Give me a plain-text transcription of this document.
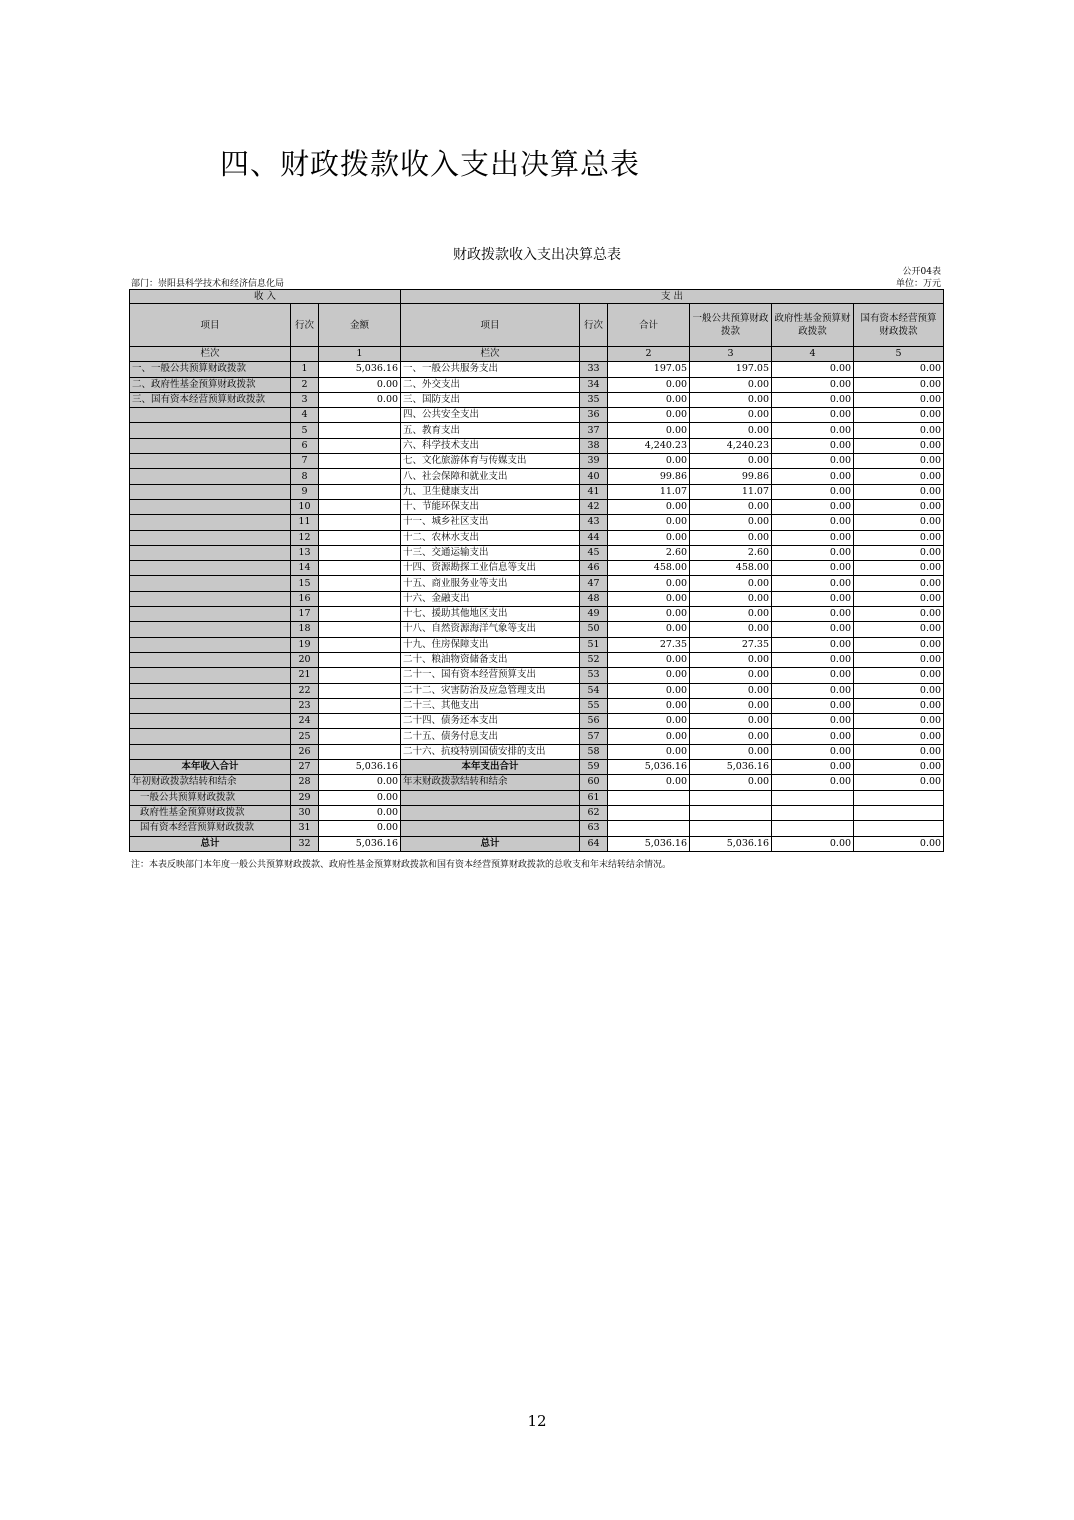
四、财政拨款收入支出决算总表
财政拨款收入支出决算总表
公开04表
部门：崇阳县科学技术和经济信息化局	单位：万元
收 入			支 出					
项目	行次	金额	项目	行次	合计	一般公共预算财政拨款	政府性基金预算财政拨款	国有资本经营预算财政拨款
栏次		1	栏次		2	3	4	5
一、一般公共预算财政拨款	1	5,036.16	一、一般公共服务支出	33	197.05	197.05	0.00	0.00
二、政府性基金预算财政拨款	2	0.00	二、外交支出	34	0.00	0.00	0.00	0.00
三、国有资本经营预算财政拨款	3	0.00	三、国防支出	35	0.00	0.00	0.00	0.00
	4		四、公共安全支出	36	0.00	0.00	0.00	0.00
	5		五、教育支出	37	0.00	0.00	0.00	0.00
	6		六、科学技术支出	38	4,240.23	4,240.23	0.00	0.00
	7		七、文化旅游体育与传媒支出	39	0.00	0.00	0.00	0.00
	8		八、社会保障和就业支出	40	99.86	99.86	0.00	0.00
	9		九、卫生健康支出	41	11.07	11.07	0.00	0.00
	10		十、节能环保支出	42	0.00	0.00	0.00	0.00
	11		十一、城乡社区支出	43	0.00	0.00	0.00	0.00
	12		十二、农林水支出	44	0.00	0.00	0.00	0.00
	13		十三、交通运输支出	45	2.60	2.60	0.00	0.00
	14		十四、资源勘探工业信息等支出	46	458.00	458.00	0.00	0.00
	15		十五、商业服务业等支出	47	0.00	0.00	0.00	0.00
	16		十六、金融支出	48	0.00	0.00	0.00	0.00
	17		十七、援助其他地区支出	49	0.00	0.00	0.00	0.00
	18		十八、自然资源海洋气象等支出	50	0.00	0.00	0.00	0.00
	19		十九、住房保障支出	51	27.35	27.35	0.00	0.00
	20		二十、粮油物资储备支出	52	0.00	0.00	0.00	0.00
	21		二十一、国有资本经营预算支出	53	0.00	0.00	0.00	0.00
	22		二十二、灾害防治及应急管理支出	54	0.00	0.00	0.00	0.00
	23		二十三、其他支出	55	0.00	0.00	0.00	0.00
	24		二十四、债务还本支出	56	0.00	0.00	0.00	0.00
	25		二十五、债务付息支出	57	0.00	0.00	0.00	0.00
	26		二十六、抗疫特别国债安排的支出	58	0.00	0.00	0.00	0.00
本年收入合计	27	5,036.16	本年支出合计	59	5,036.16	5,036.16	0.00	0.00
年初财政拨款结转和结余	28	0.00	年末财政拨款结转和结余	60	0.00	0.00	0.00	0.00
一般公共预算财政拨款	29	0.00		61				
政府性基金预算财政拨款	30	0.00		62				
国有资本经营预算财政拨款	31	0.00		63				
总计	32	5,036.16	总计	64	5,036.16	5,036.16	0.00	0.00
注：本表反映部门本年度一般公共预算财政拨款、政府性基金预算财政拨款和国有资本经营预算财政拨款的总收支和年末结转结余情况。
12
